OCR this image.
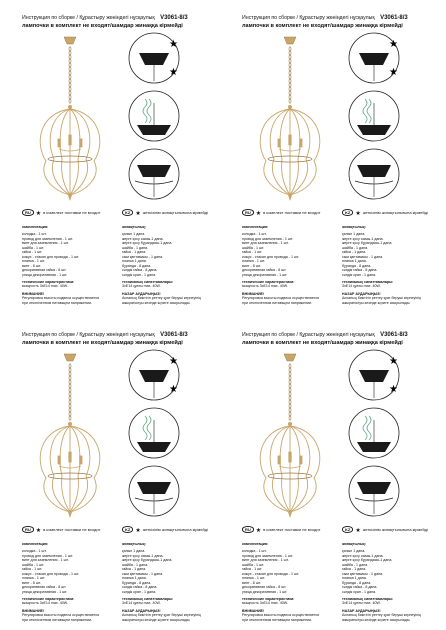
Инструкция по сборке / Құрастыру жөніндегі нұсқаулық V3061-8/3
лампочки в комплект не входят/шамдар жинаққа кірмейді
★
★
RU ★ в комплект поставки не входит	KZ ★ жеткізілім жинақтылығына кірмейді
комплектация:
колодка - 1 шт.
провод для заземления - 1 шт.
винт для заземления - 1 шт.
шайба - 1 шт.
гайка - 1 шт.
кожух - стакан для провода - 1 шт.
планка - 1 шт.
винт - 8 шт.
декоративная гайка - 8 шт.
упица декоративная - 1 шт.
технические характеристики:
мощность 3xE14 max. 40W.
ВНИМАНИЕ!
Регулировка высоты подвеса осуществляется
при отключенном питающем напряжении.
жинақтылық:
қалып 1 дана.
жерге қосу сымы-1 дана.
жерге қосу бұрандасы-1 дана.
шайба - 1 дана.
гайка - 1 дана.
сым қаптамасы - 1 дана.
планка 1 дана.
бұранда - 8 дана.
сәндік гайка - 8 дана.
сәндік кран - 1 дана.
техникалық сипаттамалары:
3xE14 қуаты max. 40W.
НАЗАР АУДАРЫҢЫЗ!
Аспаның биіктігін реттеу қуат берушi кернеуiнiң
ажыратылуы кезінде жүзеге асырылады.
Инструкция по сборке / Құрастыру жөніндегі нұсқаулық V3061-8/3
лампочки в комплект не входят/шамдар жинаққа кірмейді
★
★
RU ★ в комплект поставки не входит	KZ ★ жеткізілім жинақтылығына кірмейді
комплектация:
колодка - 1 шт.
провод для заземления - 1 шт.
винт для заземления - 1 шт.
шайба - 1 шт.
гайка - 1 шт.
кожух - стакан для провода - 1 шт.
планка - 1 шт.
винт - 8 шт.
декоративная гайка - 8 шт.
упица декоративная - 1 шт.
технические характеристики:
мощность 3xE14 max. 40W.
ВНИМАНИЕ!
Регулировка высоты подвеса осуществляется
при отключенном питающем напряжении.
жинақтылық:
қалып 1 дана.
жерге қосу сымы-1 дана.
жерге қосу бұрандасы-1 дана.
шайба - 1 дана.
гайка - 1 дана.
сым қаптамасы - 1 дана.
планка 1 дана.
бұранда - 8 дана.
сәндік гайка - 8 дана.
сәндік кран - 1 дана.
техникалық сипаттамалары:
3xE14 қуаты max. 40W.
НАЗАР АУДАРЫҢЫЗ!
Аспаның биіктігін реттеу қуат берушi кернеуiнiң
ажыратылуы кезінде жүзеге асырылады.
Инструкция по сборке / Құрастыру жөніндегі нұсқаулық V3061-8/3
лампочки в комплект не входят/шамдар жинаққа кірмейді
★
★
RU ★ в комплект поставки не входит	KZ ★ жеткізілім жинақтылығына кірмейді
комплектация:
колодка - 1 шт.
провод для заземления - 1 шт.
винт для заземления - 1 шт.
шайба - 1 шт.
гайка - 1 шт.
кожух - стакан для провода - 1 шт.
планка - 1 шт.
винт - 8 шт.
декоративная гайка - 8 шт.
упица декоративная - 1 шт.
технические характеристики:
мощность 3xE14 max. 40W.
ВНИМАНИЕ!
Регулировка высоты подвеса осуществляется
при отключенном питающем напряжении.
жинақтылық:
қалып 1 дана.
жерге қосу сымы-1 дана.
жерге қосу бұрандасы-1 дана.
шайба - 1 дана.
гайка - 1 дана.
сым қаптамасы - 1 дана.
планка 1 дана.
бұранда - 8 дана.
сәндік гайка - 8 дана.
сәндік кран - 1 дана.
техникалық сипаттамалары:
3xE14 қуаты max. 40W.
НАЗАР АУДАРЫҢЫЗ!
Аспаның биіктігін реттеу қуат берушi кернеуiнiң
ажыратылуы кезінде жүзеге асырылады.
Инструкция по сборке / Құрастыру жөніндегі нұсқаулық V3061-8/3
лампочки в комплект не входят/шамдар жинаққа кірмейді
★
★
RU ★ в комплект поставки не входит	KZ ★ жеткізілім жинақтылығына кірмейді
комплектация:
колодка - 1 шт.
провод для заземления - 1 шт.
винт для заземления - 1 шт.
шайба - 1 шт.
гайка - 1 шт.
кожух - стакан для провода - 1 шт.
планка - 1 шт.
винт - 8 шт.
декоративная гайка - 8 шт.
упица декоративная - 1 шт.
технические характеристики:
мощность 3xE14 max. 40W.
ВНИМАНИЕ!
Регулировка высоты подвеса осуществляется
при отключенном питающем напряжении.
жинақтылық:
қалып 1 дана.
жерге қосу сымы-1 дана.
жерге қосу бұрандасы-1 дана.
шайба - 1 дана.
гайка - 1 дана.
сым қаптамасы - 1 дана.
планка 1 дана.
бұранда - 8 дана.
сәндік гайка - 8 дана.
сәндік кран - 1 дана.
техникалық сипаттамалары:
3xE14 қуаты max. 40W.
НАЗАР АУДАРЫҢЫЗ!
Аспаның биіктігін реттеу қуат берушi кернеуiнiң
ажыратылуы кезінде жүзеге асырылады.
